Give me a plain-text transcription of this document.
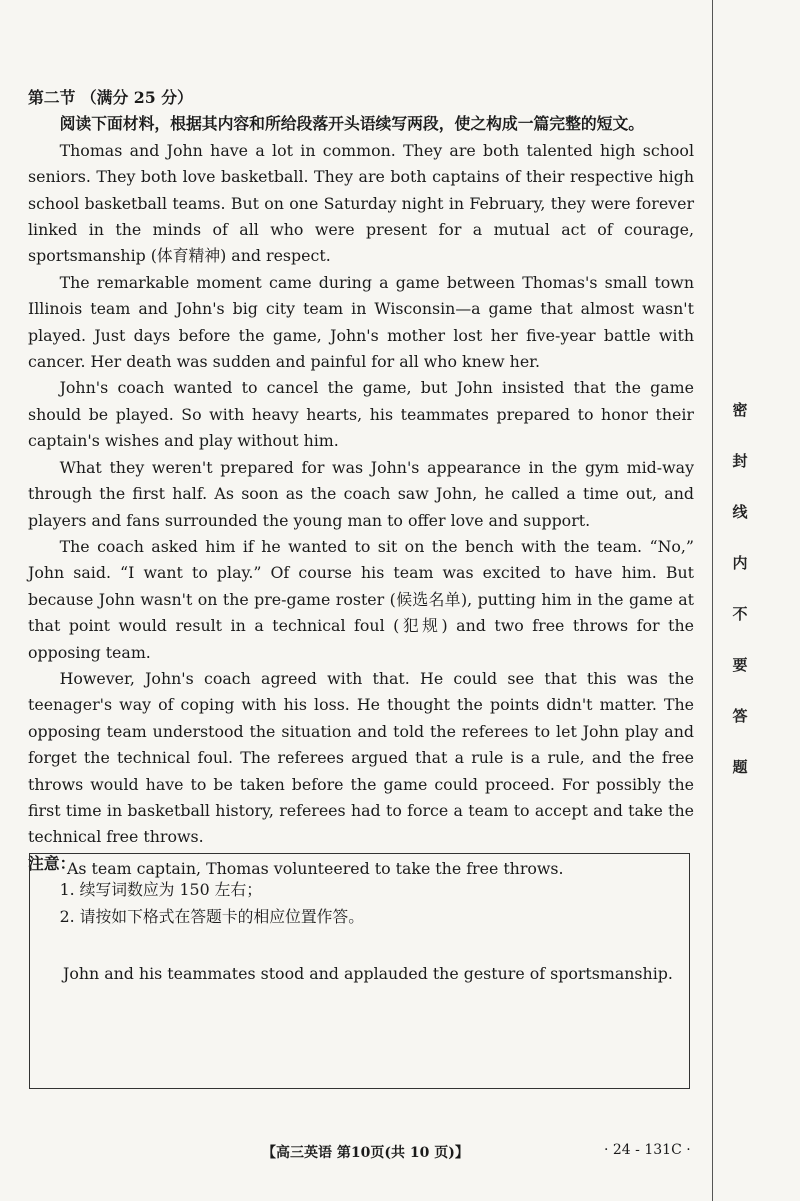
密
封
线
内
不
要
答
题

第二节 （满分 25 分）

阅读下面材料，根据其内容和所给段落开头语续写两段，使之构成一篇完整的短文。

Thomas and John have a lot in common. They are both talented high school seniors. They both love basketball. They are both captains of their respective high school basketball teams. But on one Saturday night in February, they were forever linked in the minds of all who were present for a mutual act of courage, sportsmanship (体育精神) and respect.

The remarkable moment came during a game between Thomas's small town Illinois team and John's big city team in Wisconsin—a game that almost wasn't played. Just days before the game, John's mother lost her five-year battle with cancer. Her death was sudden and painful for all who knew her.

John's coach wanted to cancel the game, but John insisted that the game should be played. So with heavy hearts, his teammates prepared to honor their captain's wishes and play without him.

What they weren't prepared for was John's appearance in the gym mid-way through the first half. As soon as the coach saw John, he called a time out, and players and fans surrounded the young man to offer love and support.

The coach asked him if he wanted to sit on the bench with the team. “No,” John said. “I want to play.” Of course his team was excited to have him. But because John wasn't on the pre-game roster (候选名单), putting him in the game at that point would result in a technical foul (犯规) and two free throws for the opposing team.

However, John's coach agreed with that. He could see that this was the teenager's way of coping with his loss. He thought the points didn't matter. The opposing team understood the situation and told the referees to let John play and forget the technical foul. The referees argued that a rule is a rule, and the free throws would have to be taken before the game could proceed. For possibly the first time in basketball history, referees had to force a team to accept and take the technical free throws.

注意：

1. 续写词数应为 150 左右；

2. 请按如下格式在答题卡的相应位置作答。

As team captain, Thomas volunteered to take the free throws.
John and his teammates stood and applauded the gesture of sportsmanship.
【高三英语 第10页(共 10 页)】	· 24 - 131C ·
